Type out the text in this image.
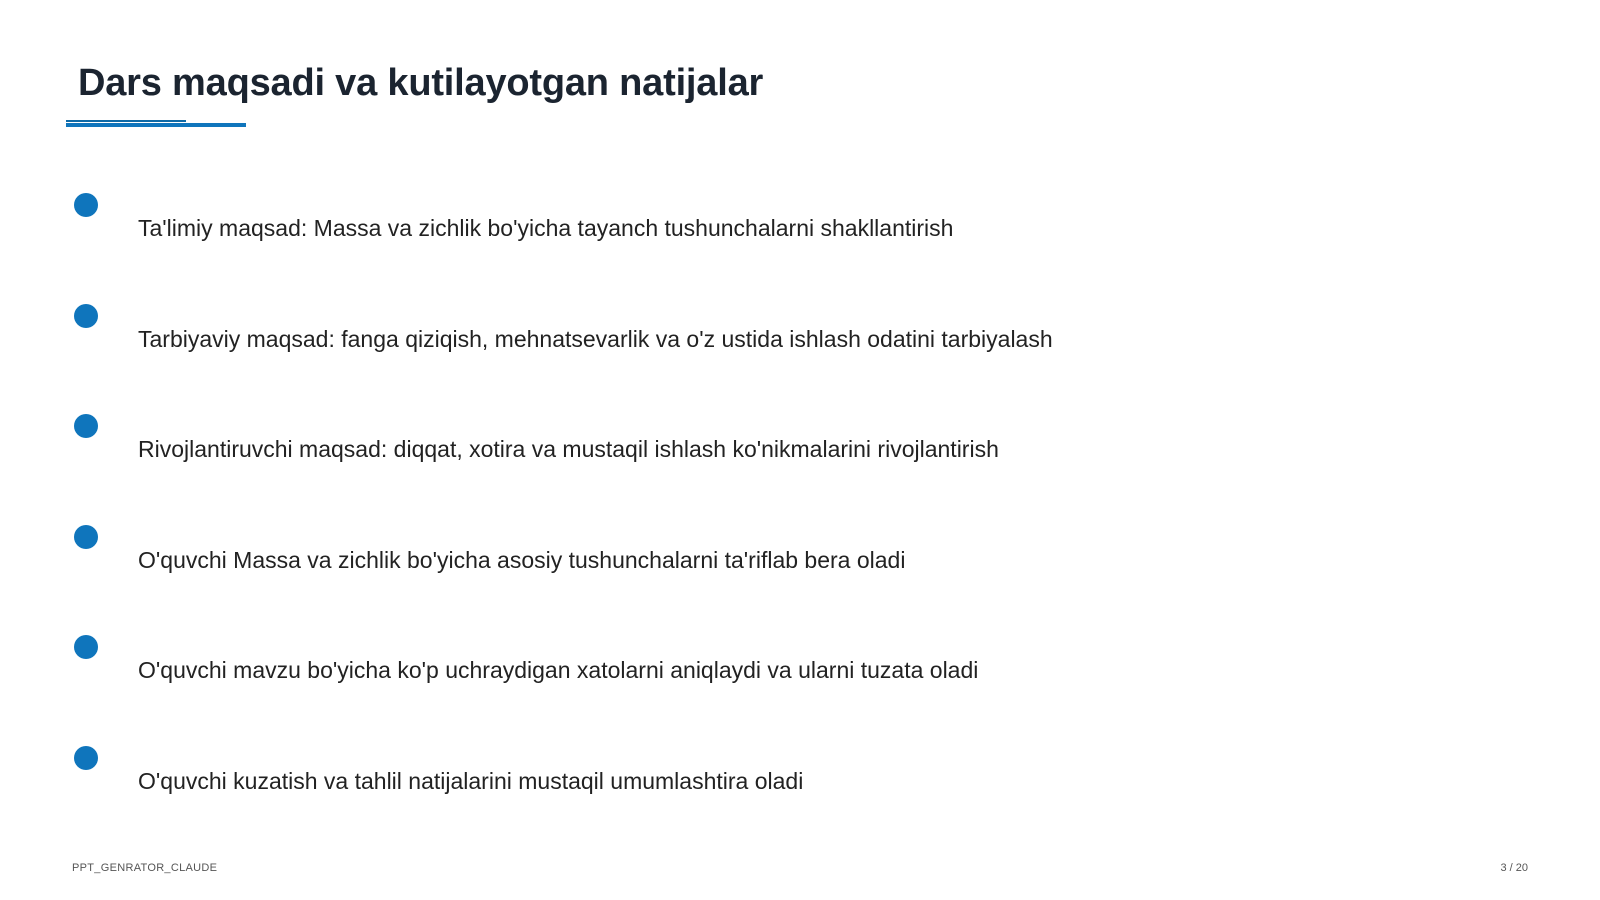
Dars maqsadi va kutilayotgan natijalar
Ta'limiy maqsad: Massa va zichlik bo'yicha tayanch tushunchalarni shakllantirish
Tarbiyaviy maqsad: fanga qiziqish, mehnatsevarlik va o'z ustida ishlash odatini tarbiyalash
Rivojlantiruvchi maqsad: diqqat, xotira va mustaqil ishlash ko'nikmalarini rivojlantirish
O'quvchi Massa va zichlik bo'yicha asosiy tushunchalarni ta'riflab bera oladi
O'quvchi mavzu bo'yicha ko'p uchraydigan xatolarni aniqlaydi va ularni tuzata oladi
O'quvchi kuzatish va tahlil natijalarini mustaqil umumlashtira oladi
PPT_GENRATOR_CLAUDE	3 / 20
